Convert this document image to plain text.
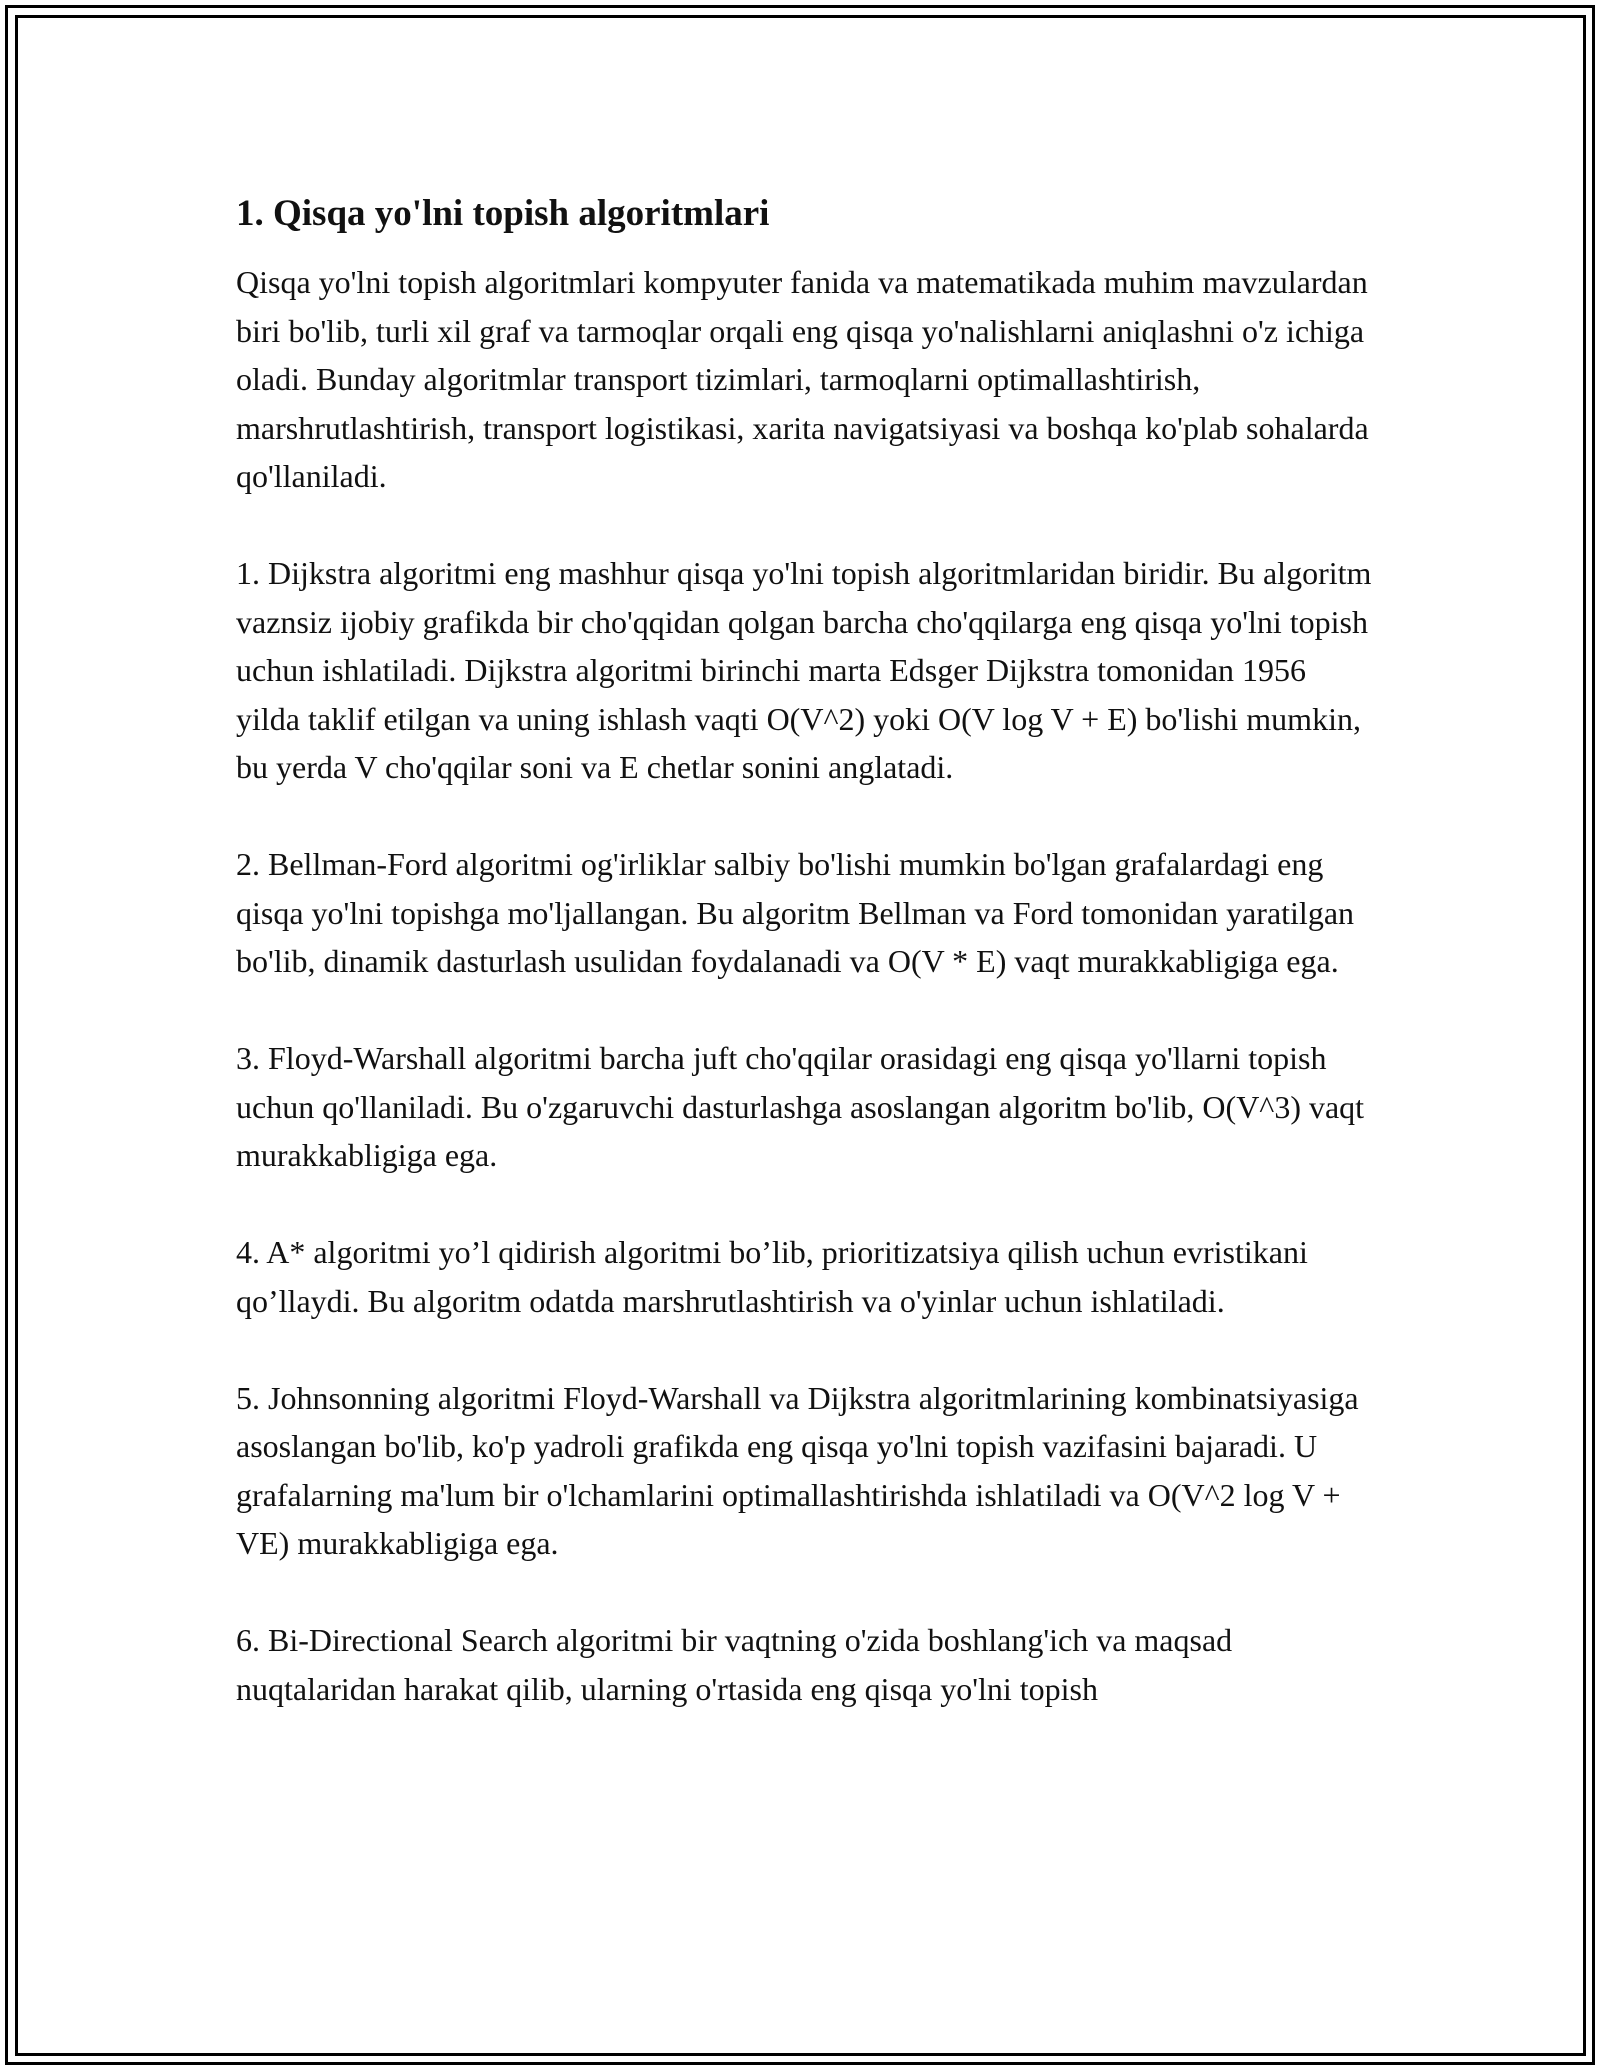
1. Qisqa yo'lni topish algoritmlari

Qisqa yo'lni topish algoritmlari kompyuter fanida va matematikada muhim mavzulardan biri bo'lib, turli xil graf va tarmoqlar orqali eng qisqa yo'nalishlarni aniqlashni o'z ichiga oladi. Bunday algoritmlar transport tizimlari, tarmoqlarni optimallashtirish, marshrutlashtirish, transport logistikasi, xarita navigatsiyasi va boshqa ko'plab sohalarda qo'llaniladi.

1. Dijkstra algoritmi eng mashhur qisqa yo'lni topish algoritmlaridan biridir. Bu algoritm vaznsiz ijobiy grafikda bir cho'qqidan qolgan barcha cho'qqilarga eng qisqa yo'lni topish uchun ishlatiladi. Dijkstra algoritmi birinchi marta Edsger Dijkstra tomonidan 1956 yilda taklif etilgan va uning ishlash vaqti O(V^2) yoki O(V log V + E) bo'lishi mumkin, bu yerda V cho'qqilar soni va E chetlar sonini anglatadi.

2. Bellman-Ford algoritmi og'irliklar salbiy bo'lishi mumkin bo'lgan grafalardagi eng qisqa yo'lni topishga mo'ljallangan. Bu algoritm Bellman va Ford tomonidan yaratilgan bo'lib, dinamik dasturlash usulidan foydalanadi va O(V * E) vaqt murakkabligiga ega.

3. Floyd-Warshall algoritmi barcha juft cho'qqilar orasidagi eng qisqa yo'llarni topish uchun qo'llaniladi. Bu o'zgaruvchi dasturlashga asoslangan algoritm bo'lib, O(V^3) vaqt murakkabligiga ega.

4. A* algoritmi yo’l qidirish algoritmi bo’lib, prioritizatsiya qilish uchun evristikani qo’llaydi. Bu algoritm odatda marshrutlashtirish va o'yinlar uchun ishlatiladi.

5. Johnsonning algoritmi Floyd-Warshall va Dijkstra algoritmlarining kombinatsiyasiga asoslangan bo'lib, ko'p yadroli grafikda eng qisqa yo'lni topish vazifasini bajaradi. U grafalarning ma'lum bir o'lchamlarini optimallashtirishda ishlatiladi va O(V^2 log V + VE) murakkabligiga ega.

6. Bi-Directional Search algoritmi bir vaqtning o'zida boshlang'ich va maqsad nuqtalaridan harakat qilib, ularning o'rtasida eng qisqa yo'lni topish
